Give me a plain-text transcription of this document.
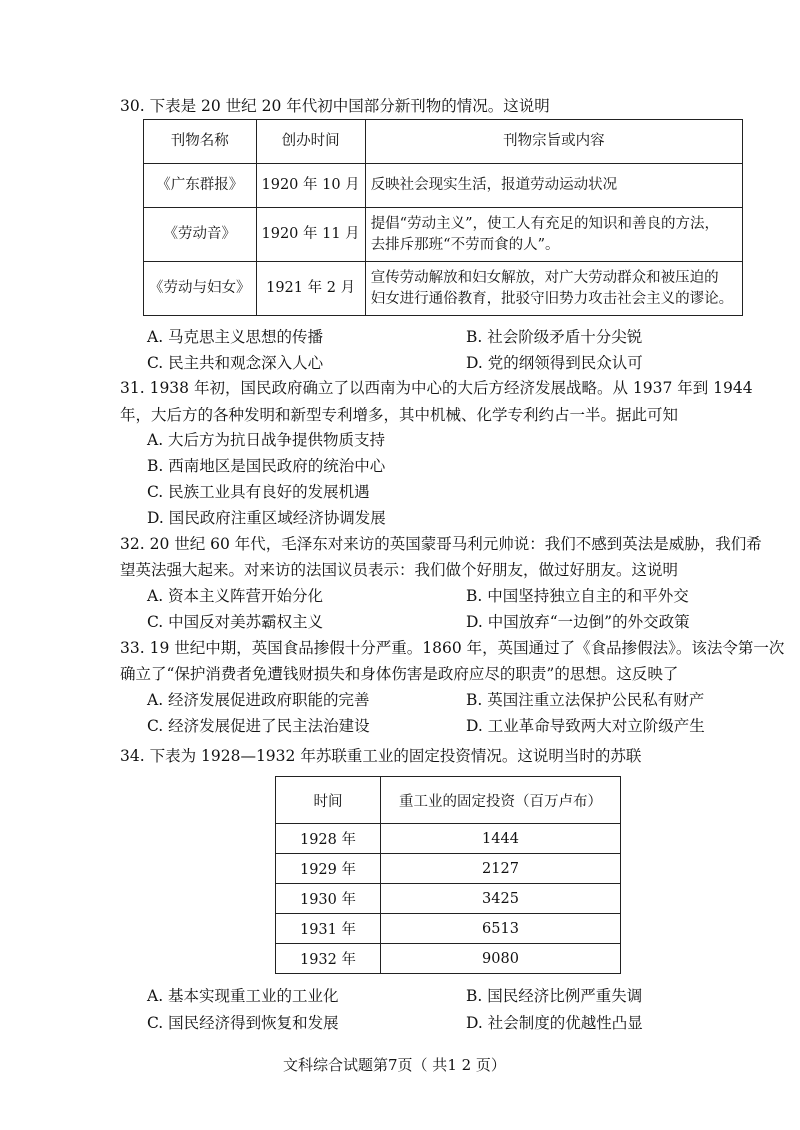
30. 下表是 20 世纪 20 年代初中国部分新刊物的情况。这说明
刊物名称	创办时间	刊物宗旨或内容
《广东群报》	1920 年 10 月	反映社会现实生活，报道劳动运动状况

《劳动音》	1920 年 11 月	提倡“劳动主义”，使工人有充足的知识和善良的方法，
去排斥那班“不劳而食的人”。

《劳动与妇女》	1921 年 2 月	宣传劳动解放和妇女解放，对广大劳动群众和被压迫的
妇女进行通俗教育，批驳守旧势力攻击社会主义的谬论。
A. 马克思主义思想的传播	B. 社会阶级矛盾十分尖锐
C. 民主共和观念深入人心	D. 党的纲领得到民众认可
31. 1938 年初，国民政府确立了以西南为中心的大后方经济发展战略。从 1937 年到 1944
年，大后方的各种发明和新型专利增多，其中机械、化学专利约占一半。据此可知
A. 大后方为抗日战争提供物质支持
B. 西南地区是国民政府的统治中心
C. 民族工业具有良好的发展机遇
D. 国民政府注重区域经济协调发展
32. 20 世纪 60 年代，毛泽东对来访的英国蒙哥马利元帅说：我们不感到英法是威胁，我们希
望英法强大起来。对来访的法国议员表示：我们做个好朋友，做过好朋友。这说明
A. 资本主义阵营开始分化	B. 中国坚持独立自主的和平外交
C. 中国反对美苏霸权主义	D. 中国放弃“一边倒”的外交政策
33. 19 世纪中期，英国食品掺假十分严重。1860 年，英国通过了《食品掺假法》。该法令第一次
确立了“保护消费者免遭钱财损失和身体伤害是政府应尽的职责”的思想。这反映了
A. 经济发展促进政府职能的完善	B. 英国注重立法保护公民私有财产
C. 经济发展促进了民主法治建设	D. 工业革命导致两大对立阶级产生
34. 下表为 1928—1932 年苏联重工业的固定投资情况。这说明当时的苏联
时间	重工业的固定投资（百万卢布）
1928 年	1444
1929 年	2127
1930 年	3425
1931 年	6513
1932 年	9080
A. 基本实现重工业的工业化	B. 国民经济比例严重失调
C. 国民经济得到恢复和发展	D. 社会制度的优越性凸显
文科综合试题第7页（ 共1 2 页）
